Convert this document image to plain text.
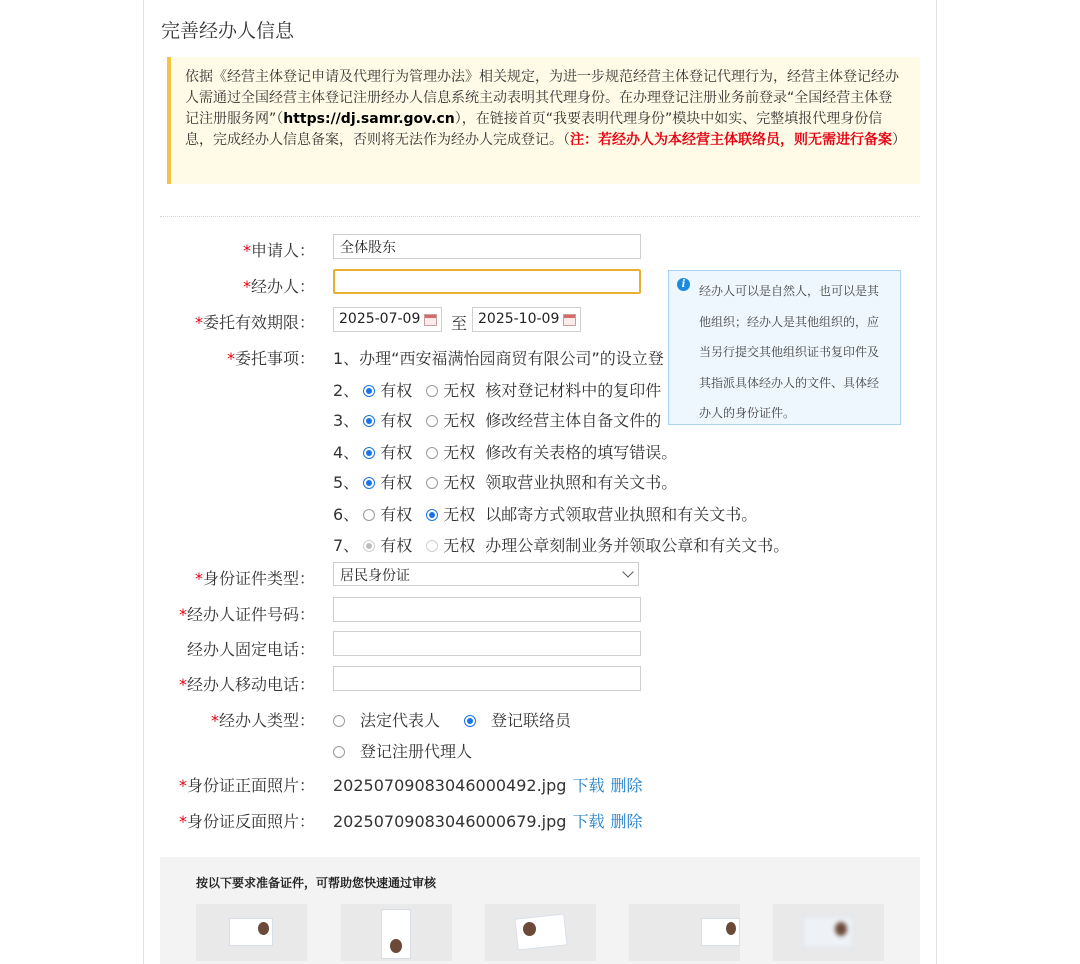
完善经办人信息
依据《经营主体登记申请及代理行为管理办法》相关规定，为进一步规范经营主体登记代理行为，经营主体登记经办人需通过全国经营主体登记注册经办人信息系统主动表明其代理身份。在办理登记注册业务前登录“全国经营主体登记注册服务网”（https://dj.samr.gov.cn），在链接首页“我要表明代理身份”模块中如实、完整填报代理身份信息，完成经办人信息备案，否则将无法作为经办人完成登记。（注：若经办人为本经营主体联络员，则无需进行备案）
*申请人：	全体股东
*经办人：
*委托有效期限：	2025-07-09	至 2025-10-09
*委托事项： 1、办理“西安福满怡园商贸有限公司”的设立登
2、 有权 无权 核对登记材料中的复印件
3、 有权 无权 修改经营主体自备文件的
4、 有权 无权 修改有关表格的填写错误。
5、 有权 无权 领取营业执照和有关文书。
6、 有权 无权 以邮寄方式领取营业执照和有关文书。
7、 有权 无权 办理公章刻制业务并领取公章和有关文书。
*身份证件类型：	居民身份证
*经办人证件号码：
经办人固定电话：
*经办人移动电话：
*经办人类型：	法定代表人	登记联络员
登记注册代理人
*身份证正面照片： 20250709083046000492.jpg 下载 删除
*身份证反面照片： 20250709083046000679.jpg 下载 删除
i	经办人可以是自然人，也可以是其他组织；经办人是其他组织的，应当另行提交其他组织证书复印件及其指派具体经办人的文件、具体经办人的身份证件。
按以下要求准备证件，可帮助您快速通过审核
